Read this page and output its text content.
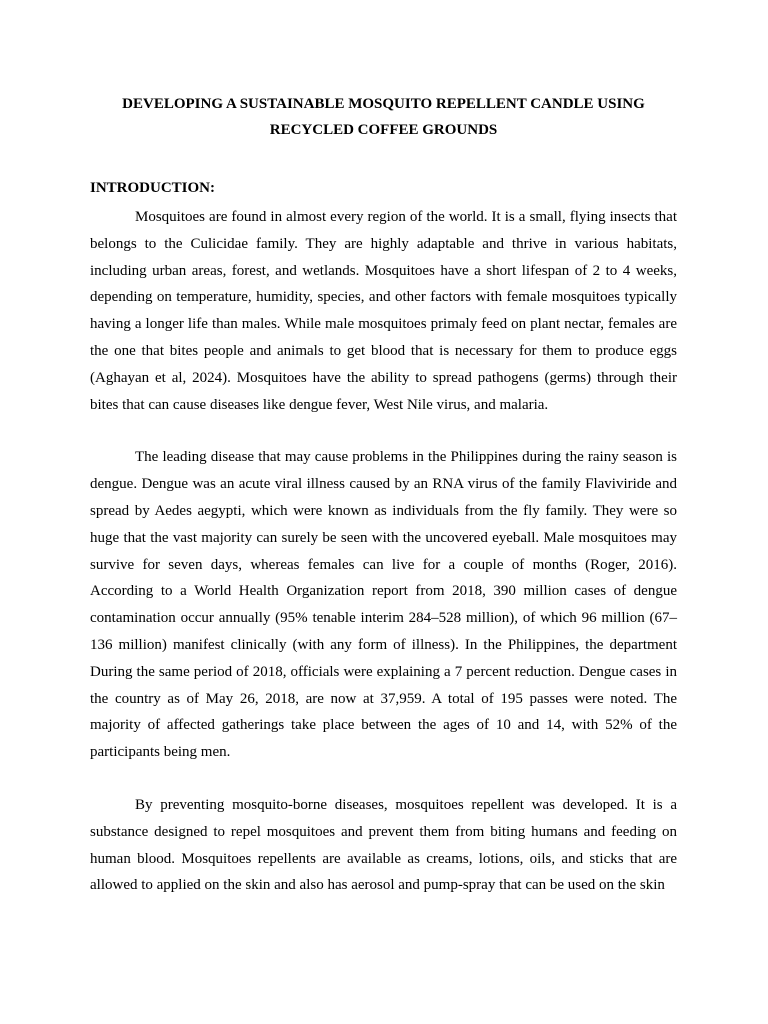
DEVELOPING A SUSTAINABLE MOSQUITO REPELLENT CANDLE USING
RECYCLED COFFEE GROUNDS

INTRODUCTION:

Mosquitoes are found in almost every region of the world. It is a small, flying insects that belongs to the Culicidae family. They are highly adaptable and thrive in various habitats, including urban areas, forest, and wetlands. Mosquitoes have a short lifespan of 2 to 4 weeks, depending on temperature, humidity, species, and other factors with female mosquitoes typically having a longer life than males. While male mosquitoes primaly feed on plant nectar, females are the one that bites people and animals to get blood that is necessary for them to produce eggs (Aghayan et al, 2024). Mosquitoes have the ability to spread pathogens (germs) through their bites that can cause diseases like dengue fever, West Nile virus, and malaria.

The leading disease that may cause problems in the Philippines during the rainy season is dengue. Dengue was an acute viral illness caused by an RNA virus of the family Flaviviride and spread by Aedes aegypti, which were known as individuals from the fly family. They were so huge that the vast majority can surely be seen with the uncovered eyeball. Male mosquitoes may survive for seven days, whereas females can live for a couple of months (Roger, 2016). According to a World Health Organization report from 2018, 390 million cases of dengue contamination occur annually (95% tenable interim 284–528 million), of which 96 million (67–136 million) manifest clinically (with any form of illness). In the Philippines, the department During the same period of 2018, officials were explaining a 7 percent reduction. Dengue cases in the country as of May 26, 2018, are now at 37,959. A total of 195 passes were noted. The majority of affected gatherings take place between the ages of 10 and 14, with 52% of the participants being men.

By preventing mosquito-borne diseases, mosquitoes repellent was developed. It is a substance designed to repel mosquitoes and prevent them from biting humans and feeding on human blood. Mosquitoes repellents are available as creams, lotions, oils, and sticks that are allowed to applied on the skin and also has aerosol and pump-spray that can be used on the skin
